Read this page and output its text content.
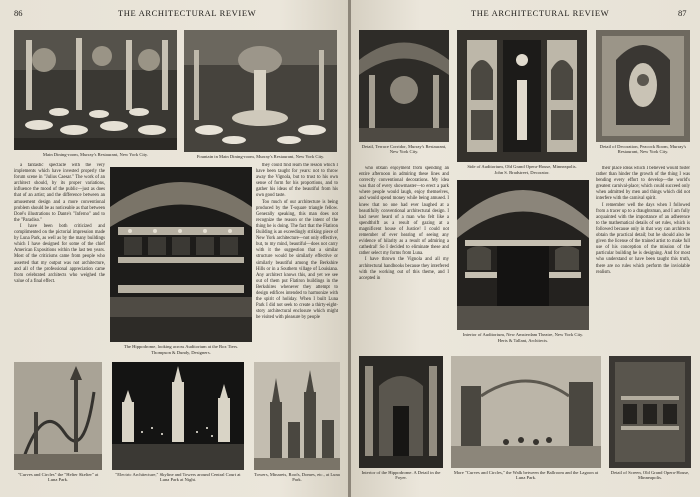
86	THE ARCHITECTURAL REVIEW
Main Dining-room, Murray's Restaurant, New York City.	Fountain in Main Dining-room, Murray's Restaurant, New York City.

a fantastic spectacle with the very implements which have invested properly the forum scene in "Julius Caesar." The work of an architect should, by its proper variations, influence the mood of the public—just as does that of an artist; and the difference between an amusement design and a more conventional problem should be as noticeable as that between Doré's illustrations to Dante's "Inferno" and to the "Paradiso."

I have been both criticized and complimented on the pictorial impression made by Luna Park, as well as by the many buildings which I have designed for some of the chief American Expositions within the last ten years. Most of the criticisms came from people who asserted that my output was not architecture, and all of the professional appreciation came from celebrated architects who weighed the value of a final effect.

The Hippodrome, looking across Auditorium at the Box Tiers.
Thompson & Dundy, Designers.

they could find learn the lesson which I have been taught for years: not to throw away the Vignola, but to trust to his own sense of form for his proportions, and to gather his ideas of the beautiful from his own good taste.

Too much of our architecture is being produced by the T-square triangle fellow. Generally speaking, this man does not recognize the reason or the intent of the thing he is doing. The fact that the Flatiron Building is an exceedingly striking piece of New York architecture—not only effective, but, to my mind, beautiful—does not carry with it the suggestion that a similar structure would be similarly effective or similarly beautiful among the Berkshire Hills or in a Southern village of Louisiana. Any architect knows this, and yet we see out of them put Flatiron buildings in the Berkshires whenever they attempt to design edifices intended to harmonize with the spirit of holiday. When I built Luna Park I did not seek to create a thirty-eight-story architectural enclosure which might be visited with pleasure by people

"Curves and Circles" the "Helter Skelter" at Luna Park.
"Electric Architecture," Skyline and Towers around Central Court at Luna Park at Night.
Towers, Minarets, Roofs, Domes, etc., at Luna Park.
THE ARCHITECTURAL REVIEW	87
Detail, Terrace Corridor, Murray's Restaurant, New York City.
Side of Auditorium, Old Grand Opera-House, Minneapolis.
John S. Bradstreet, Decorator.
Detail of Decoration, Peacock Room, Murray's Restaurant, New York City.

who obtain enjoyment from spending an entire afternoon in admiring these lines and correctly conventional decorations. My idea was that of every showmaster—to erect a park where people would laugh, enjoy themselves, and would spend money while being amused. I knew that no one had ever laughed at a beautifully conventional architectural design. I had never heard of a man who felt like a spendthrift as a result of gazing at a magnificent house of Justice! I could not remember of ever hearing of seeing any evidence of hilarity as a result of admiring a cathedral! So I decided to eliminate these and rather select my forms from Luna.

I have thrown the Vignola and all my architectural handbooks because they interfered with the working out of this theme, and I accepted in

Interior of Auditorium, New Amsterdam Theatre, New York City.
Herts & Tallant, Architects.

their place ideas which I believed would foster rather than hinder the growth of the thing I was bending every effort to develop—the world's greatest carnival-place; which could succeed only when admitted by men and things which did not interfere with the carnival spirit.

I remember well the days when I followed from a tracer up to a draughtsman, and I am fully acquainted with the importance of an adherence to the mathematical details of set rules, which is followed because only in that way can architects obtain the practical detail; but he should also be given the license of the trained artist to make full use of his conception of the mission of the particular building he is designing. And for most who understand or have been taught this truth, there are no rules which perform the inviolable realism.

Interior of the Hippodrome. A Detail in the Foyer.
More "Curves and Circles," the Walk between the Ballroom and the Lagoon at Luna Park.
Detail of Screen, Old Grand Opera-House, Minneapolis.
